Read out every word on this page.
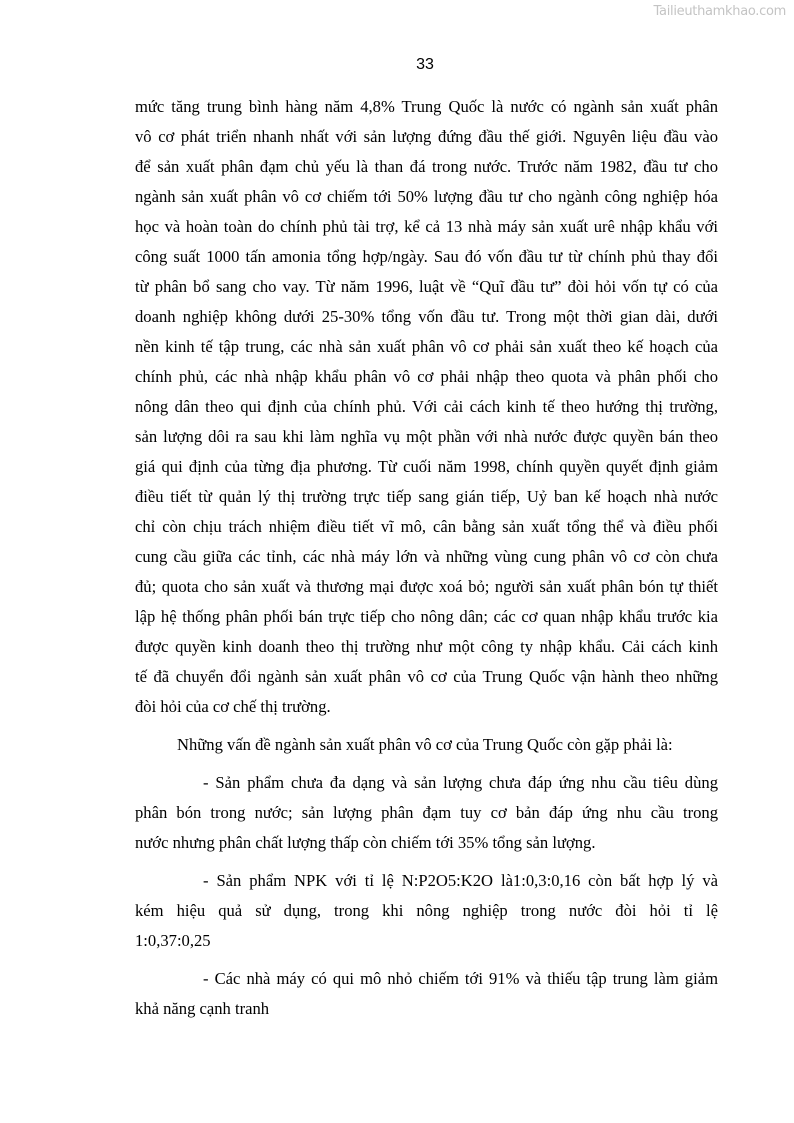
Tailieuthamkhao.com
33
mức tăng trung bình hàng năm 4,8% Trung Quốc là nước có ngành sản xuất phân
vô cơ phát triển nhanh nhất với sản lượng đứng đầu thế giới. Nguyên liệu đầu vào
để sản xuất phân đạm chủ yếu là than đá trong nước. Trước năm 1982, đầu tư cho
ngành sản xuất phân vô cơ chiếm tới 50% lượng đầu tư cho ngành công nghiệp hóa
học và hoàn toàn do chính phủ tài trợ, kể cả 13 nhà máy sản xuất urê nhập khẩu với
công suất 1000 tấn amonia tổng hợp/ngày. Sau đó vốn đầu tư từ chính phủ thay đổi
từ phân bổ sang cho vay. Từ năm 1996, luật về “Quĩ đầu tư” đòi hỏi vốn tự có của
doanh nghiệp không dưới 25-30% tổng vốn đầu tư. Trong một thời gian dài, dưới
nền kinh tế tập trung, các nhà sản xuất phân vô cơ phải sản xuất theo kế hoạch của
chính phủ, các nhà nhập khẩu phân vô cơ phải nhập theo quota và phân phối cho
nông dân theo qui định của chính phủ. Với cải cách kinh tế theo hướng thị trường,
sản lượng dôi ra sau khi làm nghĩa vụ một phần với nhà nước được quyền bán theo
giá qui định của từng địa phương. Từ cuối năm 1998, chính quyền quyết định giảm
điều tiết từ quản lý thị trường trực tiếp sang gián tiếp, Uỷ ban kế hoạch nhà nước
chỉ còn chịu trách nhiệm điều tiết vĩ mô, cân bằng sản xuất tổng thể và điều phối
cung cầu giữa các tỉnh, các nhà máy lớn và những vùng cung phân vô cơ còn chưa
đủ; quota cho sản xuất và thương mại được xoá bỏ; người sản xuất phân bón tự thiết
lập hệ thống phân phối bán trực tiếp cho nông dân; các cơ quan nhập khẩu trước kia
được quyền kinh doanh theo thị trường như một công ty nhập khẩu. Cải cách kinh
tế đã chuyển đổi ngành sản xuất phân vô cơ của Trung Quốc vận hành theo những
đòi hỏi của cơ chế thị trường.
Những vấn đề ngành sản xuất phân vô cơ của Trung Quốc còn gặp phải là:
- Sản phẩm chưa đa dạng và sản lượng chưa đáp ứng nhu cầu tiêu dùng
phân bón trong nước; sản lượng phân đạm tuy cơ bản đáp ứng nhu cầu trong
nước nhưng phân chất lượng thấp còn chiếm tới 35% tổng sản lượng.
- Sản phẩm NPK với tỉ lệ N:P2O5:K2O là1:0,3:0,16 còn bất hợp lý và
kém hiệu quả sử dụng, trong khi nông nghiệp trong nước đòi hỏi tỉ lệ
1:0,37:0,25
- Các nhà máy có qui mô nhỏ chiếm tới 91% và thiếu tập trung làm giảm
khả năng cạnh tranh
